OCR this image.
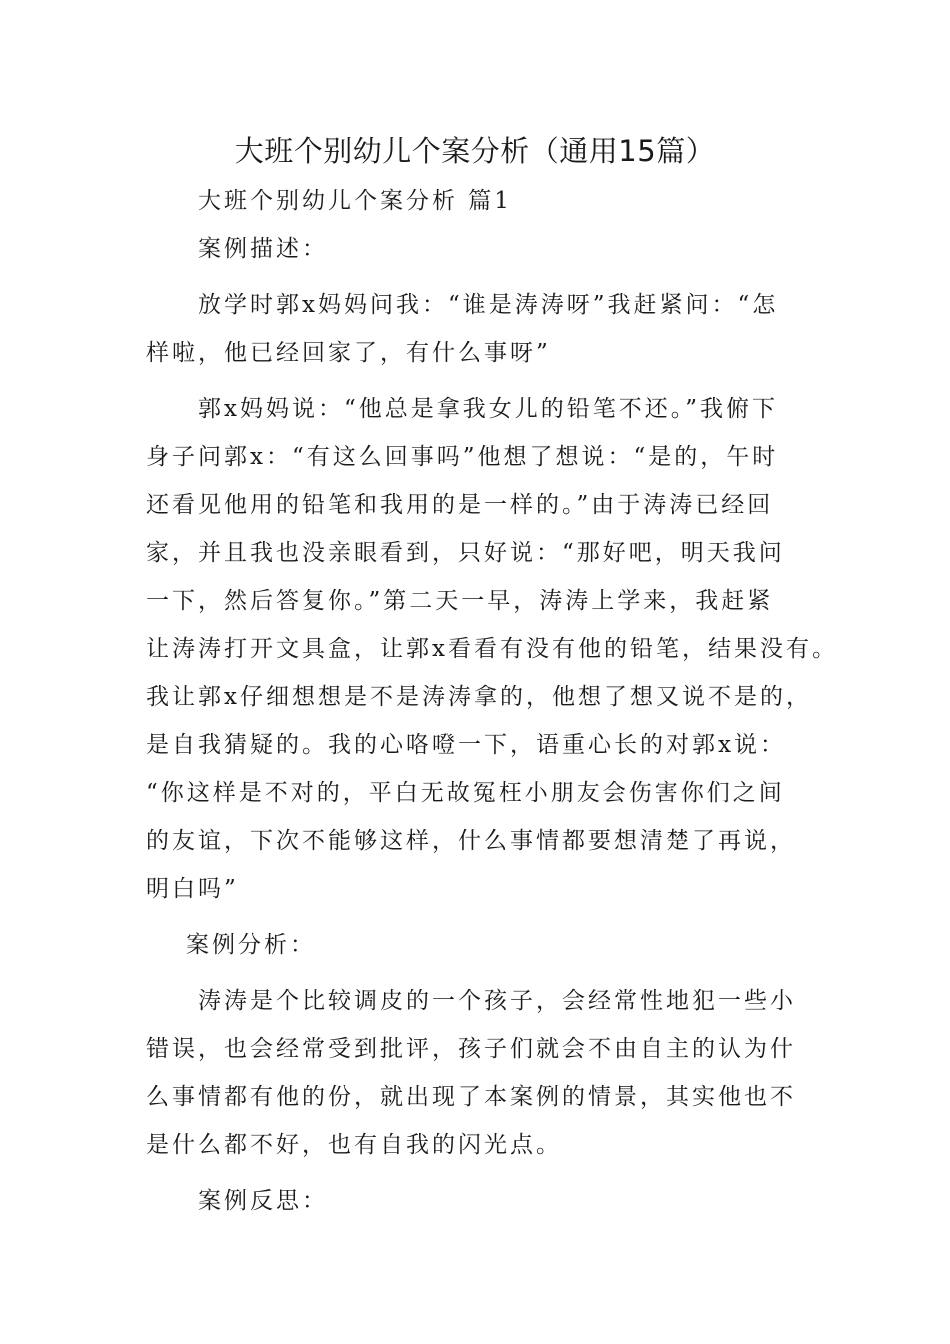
大班个别幼儿个案分析（通用15篇）
大班个别幼儿个案分析 篇1
案例描述：
放学时郭x妈妈问我：“谁是涛涛呀”我赶紧问：“怎
样啦，他已经回家了，有什么事呀”
郭x妈妈说：“他总是拿我女儿的铅笔不还。”我俯下
身子问郭x：“有这么回事吗”他想了想说：“是的，午时
还看见他用的铅笔和我用的是一样的。”由于涛涛已经回
家，并且我也没亲眼看到，只好说：“那好吧，明天我问
一下，然后答复你。”第二天一早，涛涛上学来，我赶紧
让涛涛打开文具盒，让郭x看看有没有他的铅笔，结果没有。
我让郭x仔细想想是不是涛涛拿的，他想了想又说不是的，
是自我猜疑的。我的心咯噔一下，语重心长的对郭x说：
“你这样是不对的，平白无故冤枉小朋友会伤害你们之间
的友谊，下次不能够这样，什么事情都要想清楚了再说，
明白吗”
案例分析：
涛涛是个比较调皮的一个孩子，会经常性地犯一些小
错误，也会经常受到批评，孩子们就会不由自主的认为什
么事情都有他的份，就出现了本案例的情景，其实他也不
是什么都不好，也有自我的闪光点。
案例反思：
